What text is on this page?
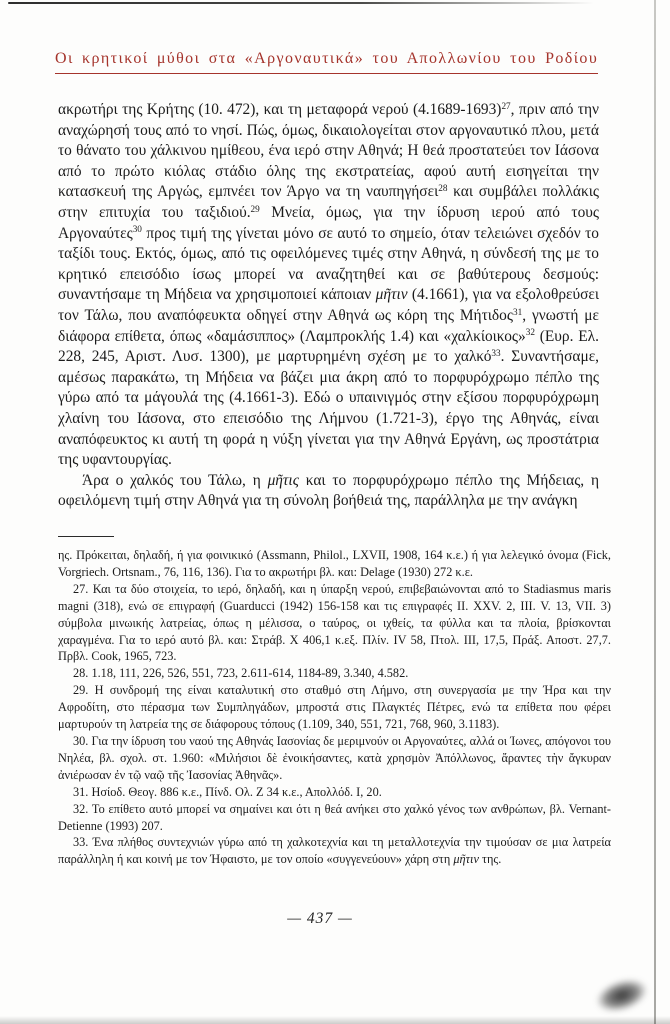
Οι κρητικοί μύθοι στα «Αργοναυτικά» του Απολλωνίου του Ροδίου

ακρωτήρι της Κρήτης (10. 472), και τη μεταφορά νερού (4.1689-1693)$^{27}$, πριν από την αναχώρησή τους από το νησί. Πώς, όμως, δικαιολογείται στον αργοναυτικό πλου, μετά το θάνατο του χάλκινου ημίθεου, ένα ιερό στην Αθηνά; Η θεά προστατεύει τον Ιάσονα από το πρώτο κιόλας στάδιο όλης της εκστρατείας, αφού αυτή εισηγείται την κατασκευή της Αργώς, εμπνέει τον Άργο να τη ναυπηγήσει$^{28}$ και συμβάλει πολλάκις στην επιτυχία του ταξιδιού.$^{29}$ Μνεία, όμως, για την ίδρυση ιερού από τους Αργοναύτες$^{30}$ προς τιμή της γίνεται μόνο σε αυτό το σημείο, όταν τελειώνει σχεδόν το ταξίδι τους. Εκτός, όμως, από τις οφειλόμενες τιμές στην Αθηνά, η σύνδεσή της με το κρητικό επεισόδιο ίσως μπορεί να αναζητηθεί και σε βαθύτερους δεσμούς: συναντήσαμε τη Μήδεια να χρησιμοποιεί κάποιαν μῆτιν (4.1661), για να εξολοθρεύσει τον Τάλω, που αναπόφευκτα οδηγεί στην Αθηνά ως κόρη της Μήτιδος$^{31}$, γνωστή με διάφορα επίθετα, όπως «δαμάσιππος» (Λαμπροκλής 1.4) και «χαλκίοικος»$^{32}$ (Ευρ. Ελ. 228, 245, Αριστ. Λυσ. 1300), με μαρτυρημένη σχέση με το χαλκό$^{33}$. Συναντήσαμε, αμέσως παρακάτω, τη Μήδεια να βάζει μια άκρη από το πορφυρόχρωμο πέπλο της γύρω από τα μάγουλά της (4.1661-3). Εδώ ο υπαινιγμός στην εξίσου πορφυρόχρωμη χλαίνη του Ιάσονα, στο επεισόδιο της Λήμνου (1.721-3), έργο της Αθηνάς, είναι αναπόφευκτος κι αυτή τη φορά η νύξη γίνεται για την Αθηνά Εργάνη, ως προστάτρια της υφαντουργίας.

Άρα ο χαλκός του Τάλω, η μῆτις και το πορφυρόχρωμο πέπλο της Μήδειας, η οφειλόμενη τιμή στην Αθηνά για τη σύνολη βοήθειά της, παράλληλα με την ανάγκη

ης. Πρόκειται, δηλαδή, ή για φοινικικό (Assmann, Philol., LXVII, 1908, 164 κ.ε.) ή για λελεγικό όνομα (Fick, Vorgriech. Ortsnam., 76, 116, 136). Για το ακρωτήρι βλ. και: Delage (1930) 272 κ.ε.

27. Και τα δύο στοιχεία, το ιερό, δηλαδή, και η ύπαρξη νερού, επιβεβαιώνονται από το Stadiasmus maris magni (318), ενώ σε επιγραφή (Guarducci (1942) 156-158 και τις επιγραφές II. XXV. 2, III. V. 13, VII. 3) σύμβολα μινωικής λατρείας, όπως η μέλισσα, ο ταύρος, οι ιχθείς, τα φύλλα και τα πλοία, βρίσκονται χαραγμένα. Για το ιερό αυτό βλ. και: Στράβ. X 406,1 κ.εξ. Πλίν. IV 58, Πτολ. III, 17,5, Πράξ. Αποστ. 27,7. Πρβλ. Cook, 1965, 723.

28. 1.18, 111, 226, 526, 551, 723, 2.611-614, 1184-89, 3.340, 4.582.

29. Η συνδρομή της είναι καταλυτική στο σταθμό στη Λήμνο, στη συνεργασία με την Ήρα και την Αφροδίτη, στο πέρασμα των Συμπληγάδων, μπροστά στις Πλαγκτές Πέτρες, ενώ τα επίθετα που φέρει μαρτυρούν τη λατρεία της σε διάφορους τόπους (1.109, 340, 551, 721, 768, 960, 3.1183).

30. Για την ίδρυση του ναού της Αθηνάς Ιασονίας δε μεριμνούν οι Αργοναύτες, αλλά οι Ίωνες, απόγονοι του Νηλέα, βλ. σχολ. στ. 1.960: «Μιλήσιοι δὲ ἐνοικήσαντες, κατὰ χρησμὸν Ἀπόλλωνος, ἄραντες τὴν ἄγκυραν ἀνιέρωσαν ἐν τῷ ναῷ τῆς Ἰασονίας Ἀθηνᾶς».

31. Ησίοδ. Θεογ. 886 κ.ε., Πίνδ. Ολ. Ζ 34 κ.ε., Απολλόδ. I, 20.

32. Το επίθετο αυτό μπορεί να σημαίνει και ότι η θεά ανήκει στο χαλκό γένος των ανθρώπων, βλ. Vernant-Detienne (1993) 207.

33. Ένα πλήθος συντεχνιών γύρω από τη χαλκοτεχνία και τη μεταλλοτεχνία την τιμούσαν σε μια λατρεία παράλληλη ή και κοινή με τον Ήφαιστο, με τον οποίο «συγγενεύουν» χάρη στη μῆτιν της.

— 437 —
